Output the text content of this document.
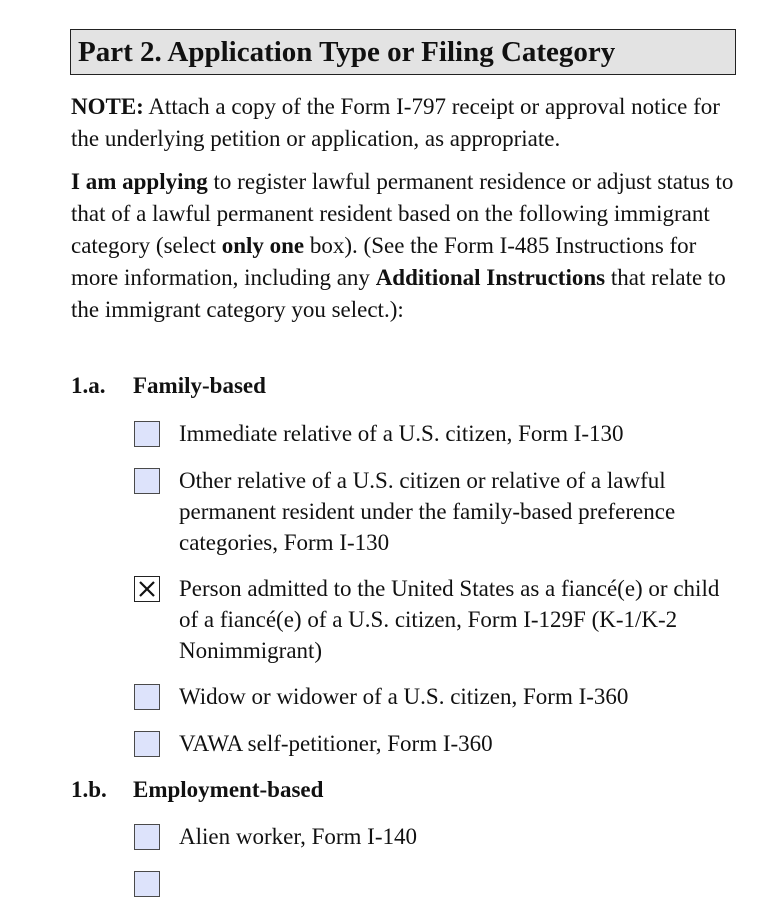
Part 2. Application Type or Filing Category
NOTE: Attach a copy of the Form I-797 receipt or approval notice for the underlying petition or application, as appropriate.
I am applying to register lawful permanent residence or adjust status to that of a lawful permanent resident based on the following immigrant category (select only one box). (See the Form I-485 Instructions for more information, including any Additional Instructions that relate to the immigrant category you select.):
1.a. Family-based
Immediate relative of a U.S. citizen, Form I-130
Other relative of a U.S. citizen or relative of a lawful permanent resident under the family-based preference categories, Form I-130
Person admitted to the United States as a fiancé(e) or child of a fiancé(e) of a U.S. citizen, Form I-129F (K-1/K-2 Nonimmigrant)
Widow or widower of a U.S. citizen, Form I-360
VAWA self-petitioner, Form I-360
1.b. Employment-based
Alien worker, Form I-140
